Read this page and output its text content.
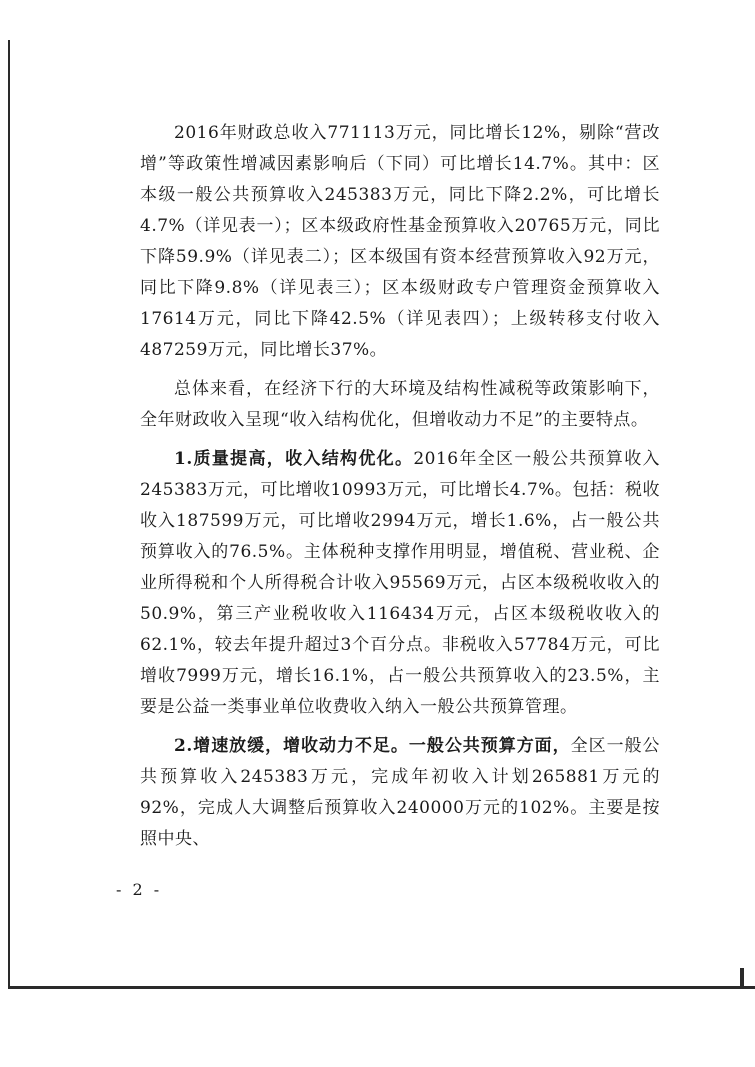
2016年财政总收入771113万元，同比增长12%，剔除“营改增”等政策性增减因素影响后（下同）可比增长14.7%。其中：区本级一般公共预算收入245383万元，同比下降2.2%，可比增长4.7%（详见表一）；区本级政府性基金预算收入20765万元，同比下降59.9%（详见表二）；区本级国有资本经营预算收入92万元，同比下降9.8%（详见表三）；区本级财政专户管理资金预算收入17614万元，同比下降42.5%（详见表四）；上级转移支付收入487259万元，同比增长37%。

总体来看，在经济下行的大环境及结构性减税等政策影响下，全年财政收入呈现“收入结构优化，但增收动力不足”的主要特点。

1.质量提高，收入结构优化。2016年全区一般公共预算收入245383万元，可比增收10993万元，可比增长4.7%。包括：税收收入187599万元，可比增收2994万元，增长1.6%，占一般公共预算收入的76.5%。主体税种支撑作用明显，增值税、营业税、企业所得税和个人所得税合计收入95569万元，占区本级税收收入的50.9%，第三产业税收收入116434万元，占区本级税收收入的62.1%，较去年提升超过3个百分点。非税收入57784万元，可比增收7999万元，增长16.1%，占一般公共预算收入的23.5%，主要是公益一类事业单位收费收入纳入一般公共预算管理。

2.增速放缓，增收动力不足。一般公共预算方面，全区一般公共预算收入245383万元，完成年初收入计划265881万元的92%，完成人大调整后预算收入240000万元的102%。主要是按照中央、

- 2 -
